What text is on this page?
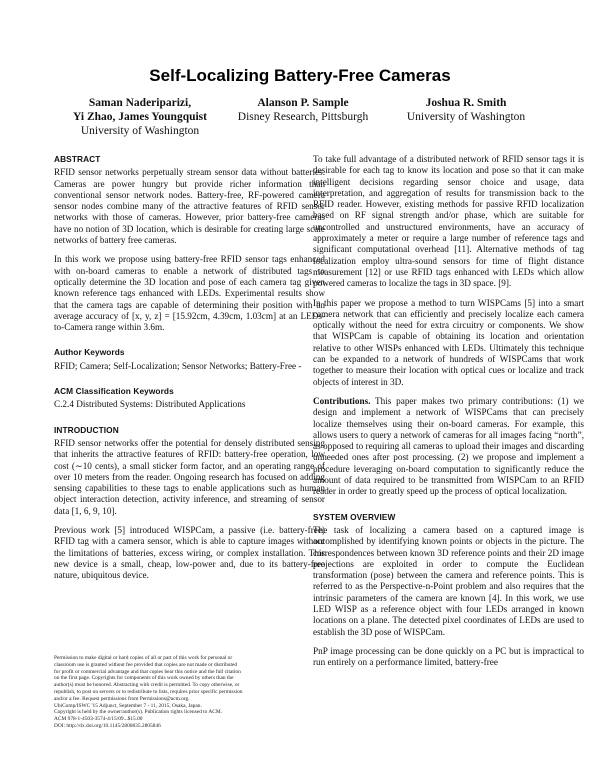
Self-Localizing Battery-Free Cameras
Saman Naderiparizi,
Yi Zhao, James Youngquist
University of Washington
Alanson P. Sample
Disney Research, Pittsburgh
Joshua R. Smith
University of Washington
ABSTRACT

RFID sensor networks perpetually stream sensor data without batteries. Cameras are power hungry but provide richer information than conventional sensor network nodes. Battery-free, RF-powered camera sensor nodes combine many of the attractive features of RFID sensor networks with those of cameras. However, prior battery-free cameras have no notion of 3D location, which is desirable for creating large scale networks of battery free cameras.

In this work we propose using battery-free RFID sensor tags enhanced with on-board cameras to enable a network of distributed tags to optically determine the 3D location and pose of each camera tag given known reference tags enhanced with LEDs. Experimental results show that the camera tags are capable of determining their position with an average accuracy of [x, y, z] = [15.92cm, 4.39cm, 1.03cm] at an LEDs-to-Camera range within 3.6m.

Author Keywords

RFID; Camera; Self-Localization; Sensor Networks; Battery-Free -

ACM Classification Keywords

C.2.4 Distributed Systems: Distributed Applications

INTRODUCTION

RFID sensor networks offer the potential for densely distributed sensing that inherits the attractive features of RFID: battery-free operation, low cost (∼10 cents), a small sticker form factor, and an operating range of over 10 meters from the reader. Ongoing research has focused on adding sensing capabilities to these tags to enable applications such as human object interaction detection, activity inference, and streaming of sensor data [1, 6, 9, 10].

Previous work [5] introduced WISPCam, a passive (i.e. battery-free) RFID tag with a camera sensor, which is able to capture images without the limitations of batteries, excess wiring, or complex installation. This new device is a small, cheap, low-power and, due to its battery-free nature, ubiquitous device.

Permission to make digital or hard copies of all or part of this work for personal or
classroom use is granted without fee provided that copies are not made or distributed
for profit or commercial advantage and that copies bear this notice and the full citation
on the first page. Copyrights for components of this work owned by others than the
author(s) must be honored. Abstracting with credit is permitted. To copy otherwise, or
republish, to post on servers or to redistribute to lists, requires prior specific permission
and/or a fee. Request permissions from Permissions@acm.org.
UbiComp/ISWC '15 Adjunct, September 7 - 11, 2015, Osaka, Japan.
Copyright is held by the owner/author(s). Publication rights licensed to ACM.
ACM 978-1-4503-3574-4/15/09...$15.00
DOI: http://dx.doi.org/10.1145/2800835.2805846

To take full advantage of a distributed network of RFID sensor tags it is desirable for each tag to know its location and pose so that it can make intelligent decisions regarding sensor choice and usage, data interpretation, and aggregation of results for transmission back to the RFID reader. However, existing methods for passive RFID localization based on RF signal strength and/or phase, which are suitable for uncontrolled and unstructured environments, have an accuracy of approximately a meter or require a large number of reference tags and significant computational overhead [11]. Alternative methods of tag localization employ ultra-sound sensors for time of flight distance measurement [12] or use RFID tags enhanced with LEDs which allow powered cameras to localize the tags in 3D space. [9].

In this paper we propose a method to turn WISPCams [5] into a smart camera network that can efficiently and precisely localize each camera optically without the need for extra circuitry or components. We show that WISPCam is capable of obtaining its location and orientation relative to other WISPs enhanced with LEDs. Ultimately this technique can be expanded to a network of hundreds of WISPCams that work together to measure their location with optical cues or localize and track objects of interest in 3D.

Contributions. This paper makes two primary contributions: (1) we design and implement a network of WISPCams that can precisely localize themselves using their on-board cameras. For example, this allows users to query a network of cameras for all images facing “north”, as opposed to requiring all cameras to upload their images and discarding unneeded ones after post processing. (2) we propose and implement a procedure leveraging on-board computation to significantly reduce the amount of data required to be transmitted from WISPCam to an RFID reader in order to greatly speed up the process of optical localization.

SYSTEM OVERVIEW

The task of localizing a camera based on a captured image is accomplished by identifying known points or objects in the picture. The correspondences between known 3D reference points and their 2D image projections are exploited in order to compute the Euclidean transformation (pose) between the camera and reference points. This is referred to as the Perspective-n-Point problem and also requires that the intrinsic parameters of the camera are known [4]. In this work, we use LED WISP as a reference object with four LEDs arranged in known locations on a plane. The detected pixel coordinates of LEDs are used to establish the 3D pose of WISPCam.

PnP image processing can be done quickly on a PC but is impractical to run entirely on a performance limited, battery-free
